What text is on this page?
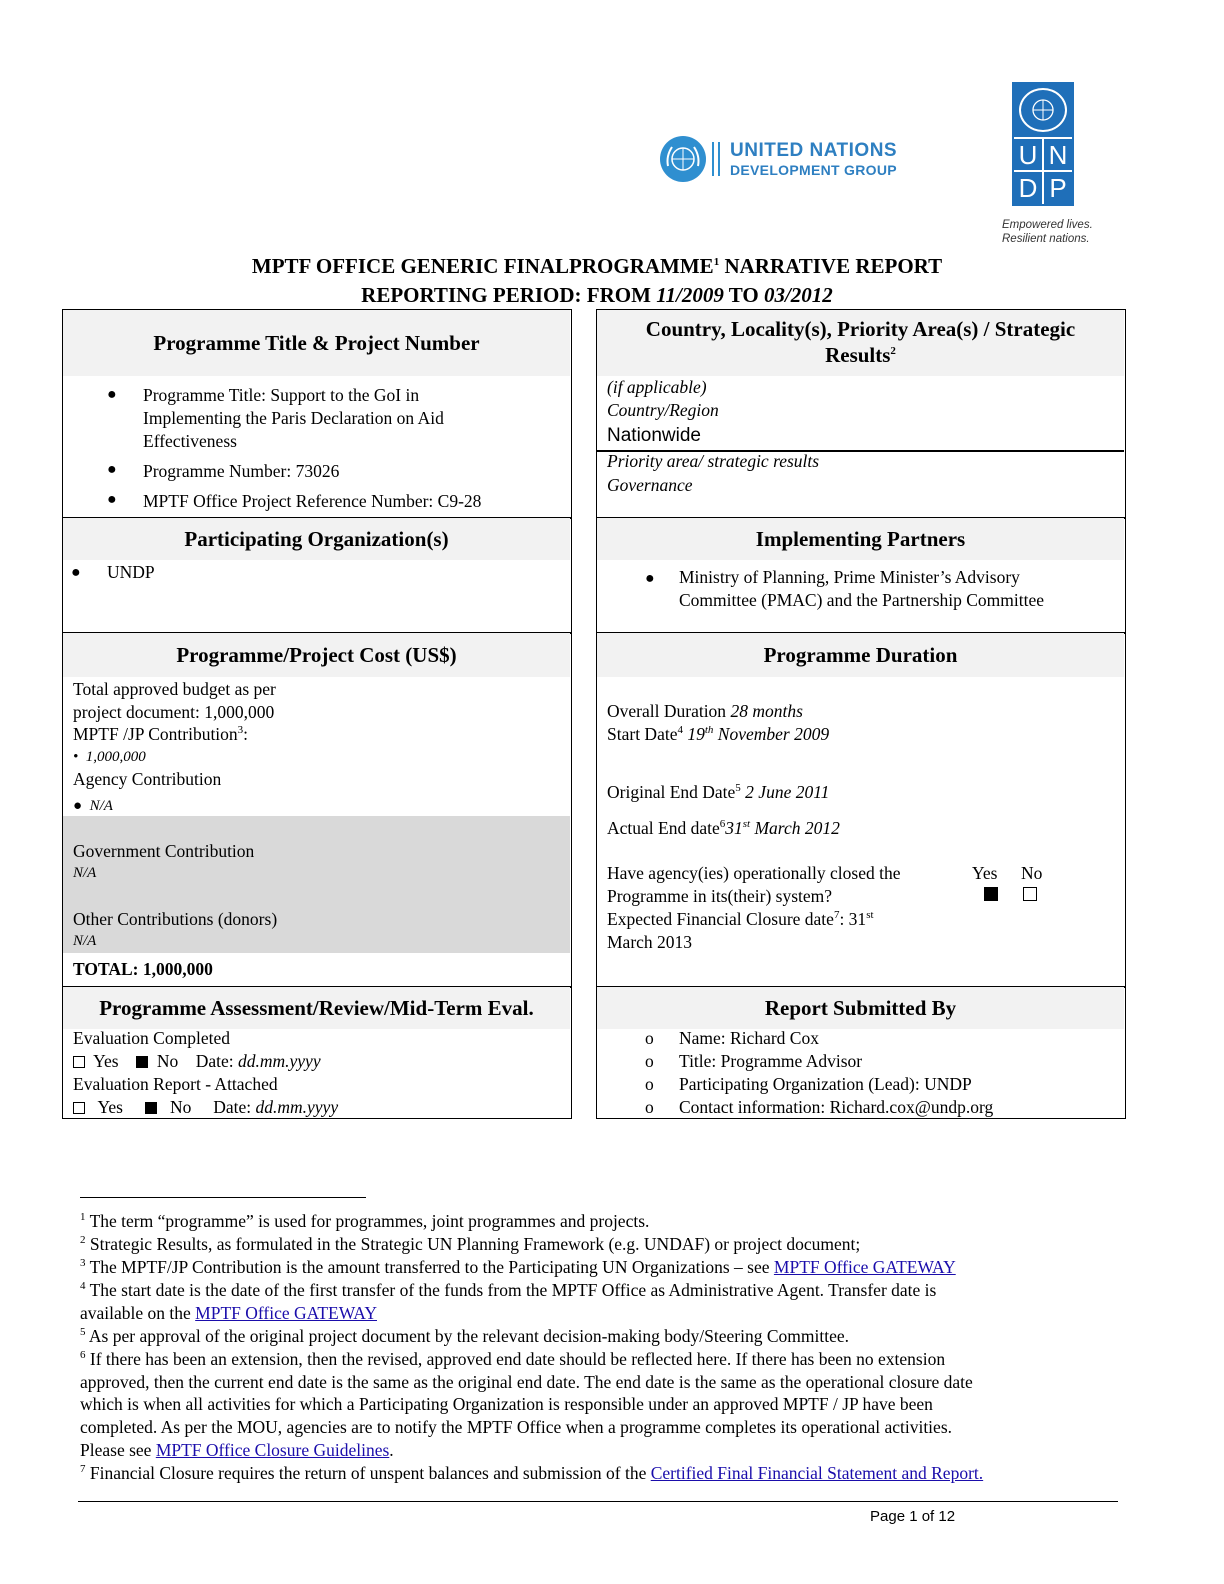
UNITED NATIONS
DEVELOPMENT GROUP	U N
D P
Empowered lives.
Resilient nations.
MPTF OFFICE GENERIC FINALPROGRAMME$^1$ NARRATIVE REPORT
REPORTING PERIOD: FROM 11/2009 TO 03/2012
Programme Title & Project Number
● Programme Title: Support to the GoI in
Implementing the Paris Declaration on Aid
Effectiveness
● Programme Number: 73026
● MPTF Office Project Reference Number: C9-28
Participating Organization(s)
● UNDP
Programme/Project Cost (US$)
Total approved budget as per
project document: 1,000,000
MPTF /JP Contribution$^3$:
•  1,000,000
Agency Contribution
●  N/A
Government Contribution
N/A
Other Contributions (donors)
N/A
TOTAL: 1,000,000
Programme Assessment/Review/Mid-Term Eval.
Evaluation Completed
Yes No Date: dd.mm.yyyy
Evaluation Report - Attached
Yes	No Date: dd.mm.yyyy
Country, Locality(s), Priority Area(s) / Strategic
Results$^2$
(if applicable)
Country/Region
Nationwide
Priority area/ strategic results
Governance
Implementing Partners
● Ministry of Planning, Prime Minister’s Advisory
Committee (PMAC) and the Partnership Committee
Programme Duration
Overall Duration 28 months
Start Date$^4$ 19th November 2009
Original End Date$^5$ 2 June 2011
Actual End date$^6$31st March 2012
Have agency(ies) operationally closed the
Programme in its(their) system?
Yes No
Expected Financial Closure date$^7$: 31st
March 2013
Report Submitted By
o Name: Richard Cox
o Title: Programme Advisor
o Participating Organization (Lead): UNDP
o Contact information: Richard.cox@undp.org
$^1$ The term “programme” is used for programmes, joint programmes and projects.
$^2$ Strategic Results, as formulated in the Strategic UN Planning Framework (e.g. UNDAF) or project document;
$^3$ The MPTF/JP Contribution is the amount transferred to the Participating UN Organizations – see MPTF Office GATEWAY
$^4$ The start date is the date of the first transfer of the funds from the MPTF Office as Administrative Agent. Transfer date is
available on the MPTF Office GATEWAY
$^5$ As per approval of the original project document by the relevant decision-making body/Steering Committee.
$^6$ If there has been an extension, then the revised, approved end date should be reflected here. If there has been no extension
approved, then the current end date is the same as the original end date. The end date is the same as the operational closure date
which is when all activities for which a Participating Organization is responsible under an approved MPTF / JP have been
completed. As per the MOU, agencies are to notify the MPTF Office when a programme completes its operational activities.
Please see MPTF Office Closure Guidelines.
$^7$ Financial Closure requires the return of unspent balances and submission of the Certified Final Financial Statement and Report.
Page 1 of 12
